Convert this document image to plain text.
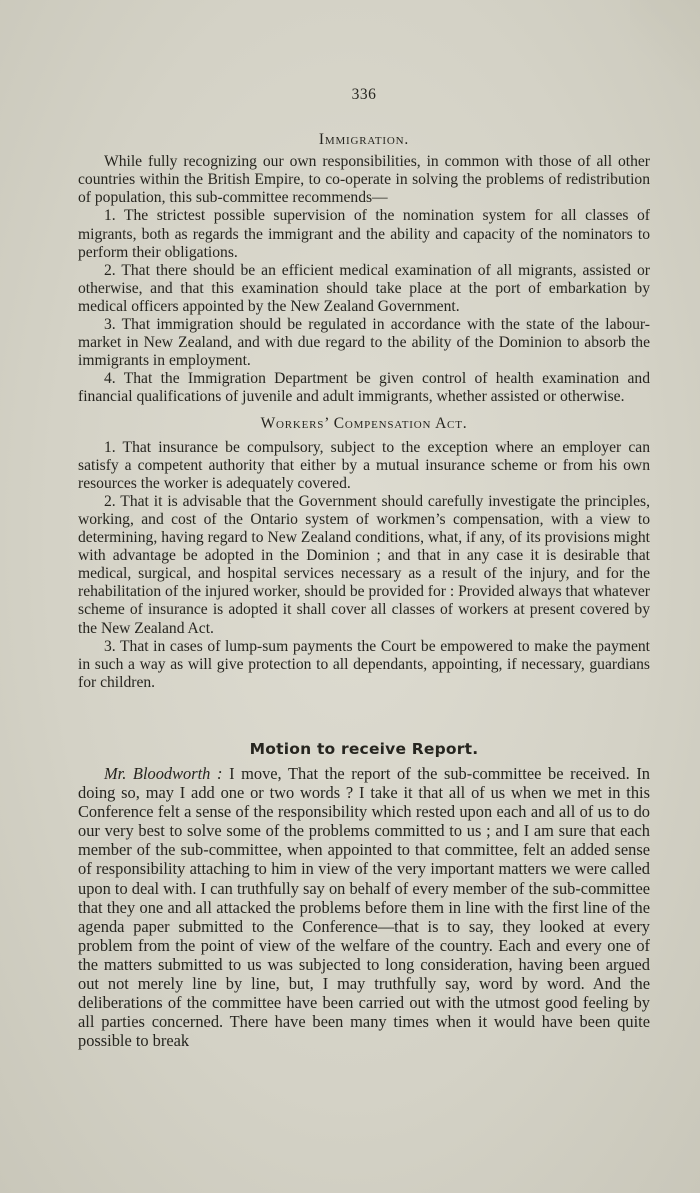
336
Immigration.

While fully recognizing our own responsibilities, in common with those of all other countries within the British Empire, to co-operate in solving the problems of redistribution of population, this sub-committee recommends—

1. The strictest possible supervision of the nomination system for all classes of migrants, both as regards the immigrant and the ability and capacity of the nominators to perform their obligations.

2. That there should be an efficient medical examination of all migrants, assisted or otherwise, and that this examination should take place at the port of embarkation by medical officers appointed by the New Zealand Government.

3. That immigration should be regulated in accordance with the state of the labour-market in New Zealand, and with due regard to the ability of the Dominion to absorb the immigrants in employment.

4. That the Immigration Department be given control of health examination and financial qualifications of juvenile and adult immigrants, whether assisted or otherwise.

Workers’ Compensation Act.

1. That insurance be compulsory, subject to the exception where an employer can satisfy a competent authority that either by a mutual insurance scheme or from his own resources the worker is adequately covered.

2. That it is advisable that the Government should carefully investigate the principles, working, and cost of the Ontario system of workmen’s compensation, with a view to determining, having regard to New Zealand conditions, what, if any, of its provisions might with advantage be adopted in the Dominion ; and that in any case it is desirable that medical, surgical, and hospital services necessary as a result of the injury, and for the rehabilitation of the injured worker, should be provided for : Provided always that whatever scheme of insurance is adopted it shall cover all classes of workers at present covered by the New Zealand Act.

3. That in cases of lump-sum payments the Court be empowered to make the payment in such a way as will give protection to all dependants, appointing, if necessary, guardians for children.

Motion to receive Report.

Mr. Bloodworth : I move, That the report of the sub-committee be received. In doing so, may I add one or two words ? I take it that all of us when we met in this Conference felt a sense of the responsibility which rested upon each and all of us to do our very best to solve some of the problems committed to us ; and I am sure that each member of the sub-committee, when appointed to that committee, felt an added sense of responsibility attaching to him in view of the very important matters we were called upon to deal with. I can truthfully say on behalf of every member of the sub-committee that they one and all attacked the problems before them in line with the first line of the agenda paper submitted to the Conference—that is to say, they looked at every problem from the point of view of the welfare of the country. Each and every one of the matters submitted to us was subjected to long consideration, having been argued out not merely line by line, but, I may truthfully say, word by word. And the deliberations of the committee have been carried out with the utmost good feeling by all parties concerned. There have been many times when it would have been quite possible to break
